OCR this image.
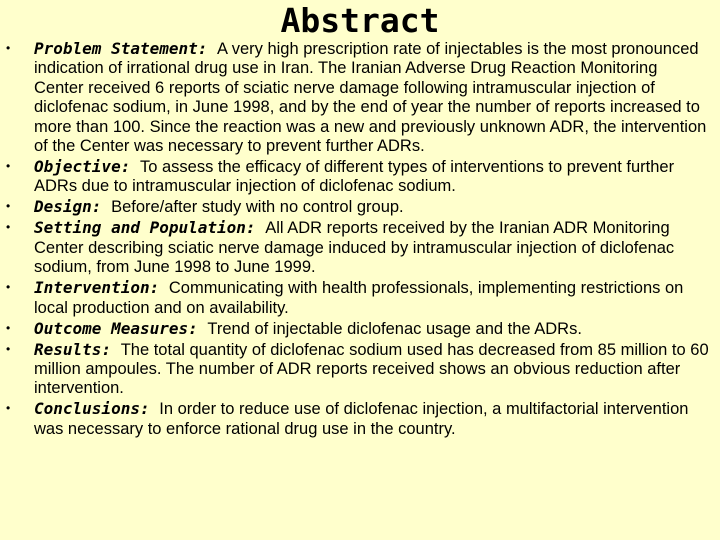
Abstract
• Problem Statement: A very high prescription rate of injectables is the most pronounced indication of irrational drug use in Iran. The Iranian Adverse Drug Reaction Monitoring Center received 6 reports of sciatic nerve damage following intramuscular injection of diclofenac sodium, in June 1998, and by the end of year the number of reports increased to more than 100. Since the reaction was a new and previously unknown ADR, the intervention of the Center was necessary to prevent further ADRs.
• Objective: To assess the efficacy of different types of interventions to prevent further ADRs due to intramuscular injection of diclofenac sodium.
• Design: Before/after study with no control group.
• Setting and Population: All ADR reports received by the Iranian ADR Monitoring Center describing sciatic nerve damage induced by intramuscular injection of diclofenac sodium, from June 1998 to June 1999.
• Intervention: Communicating with health professionals, implementing restrictions on local production and on availability.
• Outcome Measures: Trend of injectable diclofenac usage and the ADRs.
• Results: The total quantity of diclofenac sodium used has decreased from 85 million to 60 million ampoules. The number of ADR reports received shows an obvious reduction after intervention.
• Conclusions: In order to reduce use of diclofenac injection, a multifactorial intervention was necessary to enforce rational drug use in the country.
